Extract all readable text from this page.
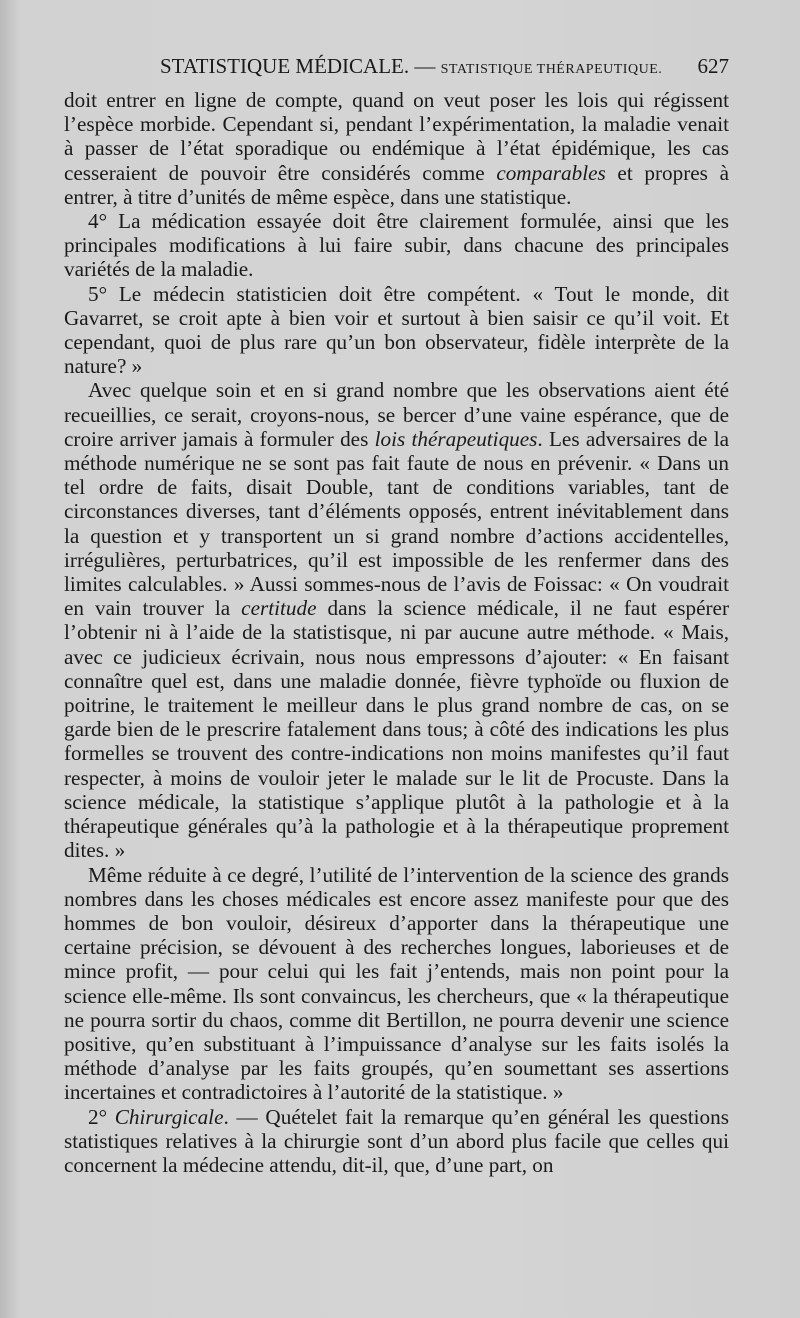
STATISTIQUE MÉDICALE. — STATISTIQUE THÉRAPEUTIQUE. 627

doit entrer en ligne de compte, quand on veut poser les lois qui régissent l’espèce morbide. Cependant si, pendant l’expérimentation, la maladie venait à passer de l’état sporadique ou endémique à l’état épidémique, les cas cesseraient de pouvoir être considérés comme comparables et propres à entrer, à titre d’unités de même espèce, dans une statistique.

4° La médication essayée doit être clairement formulée, ainsi que les principales modifications à lui faire subir, dans chacune des principales variétés de la maladie.

5° Le médecin statisticien doit être compétent. « Tout le monde, dit Gavarret, se croit apte à bien voir et surtout à bien saisir ce qu’il voit. Et cependant, quoi de plus rare qu’un bon observateur, fidèle interprète de la nature? »

Avec quelque soin et en si grand nombre que les observations aient été recueillies, ce serait, croyons-nous, se bercer d’une vaine espérance, que de croire arriver jamais à formuler des lois thérapeutiques. Les adversaires de la méthode numérique ne se sont pas fait faute de nous en prévenir. « Dans un tel ordre de faits, disait Double, tant de conditions variables, tant de circonstances diverses, tant d’éléments opposés, entrent inévitablement dans la question et y transportent un si grand nombre d’actions accidentelles, irrégulières, perturbatrices, qu’il est impossible de les renfermer dans des limites calculables. » Aussi sommes-nous de l’avis de Foissac: « On voudrait en vain trouver la certitude dans la science médicale, il ne faut espérer l’obtenir ni à l’aide de la statistisque, ni par aucune autre méthode. « Mais, avec ce judicieux écrivain, nous nous empressons d’ajouter: « En faisant connaître quel est, dans une maladie donnée, fièvre typhoïde ou fluxion de poitrine, le traitement le meilleur dans le plus grand nombre de cas, on se garde bien de le prescrire fatalement dans tous; à côté des indications les plus formelles se trouvent des contre-indications non moins manifestes qu’il faut respecter, à moins de vouloir jeter le malade sur le lit de Procuste. Dans la science médicale, la statistique s’applique plutôt à la pathologie et à la thérapeutique générales qu’à la pathologie et à la thérapeutique proprement dites. »

Même réduite à ce degré, l’utilité de l’intervention de la science des grands nombres dans les choses médicales est encore assez manifeste pour que des hommes de bon vouloir, désireux d’apporter dans la thérapeutique une certaine précision, se dévouent à des recherches longues, laborieuses et de mince profit, — pour celui qui les fait j’entends, mais non point pour la science elle-même. Ils sont convaincus, les chercheurs, que « la thérapeutique ne pourra sortir du chaos, comme dit Bertillon, ne pourra devenir une science positive, qu’en substituant à l’impuissance d’analyse sur les faits isolés la méthode d’analyse par les faits groupés, qu’en soumettant ses assertions incertaines et contradictoires à l’autorité de la statistique. »

2° Chirurgicale. — Quételet fait la remarque qu’en général les questions statistiques relatives à la chirurgie sont d’un abord plus facile que celles qui concernent la médecine attendu, dit-il, que, d’une part, on
